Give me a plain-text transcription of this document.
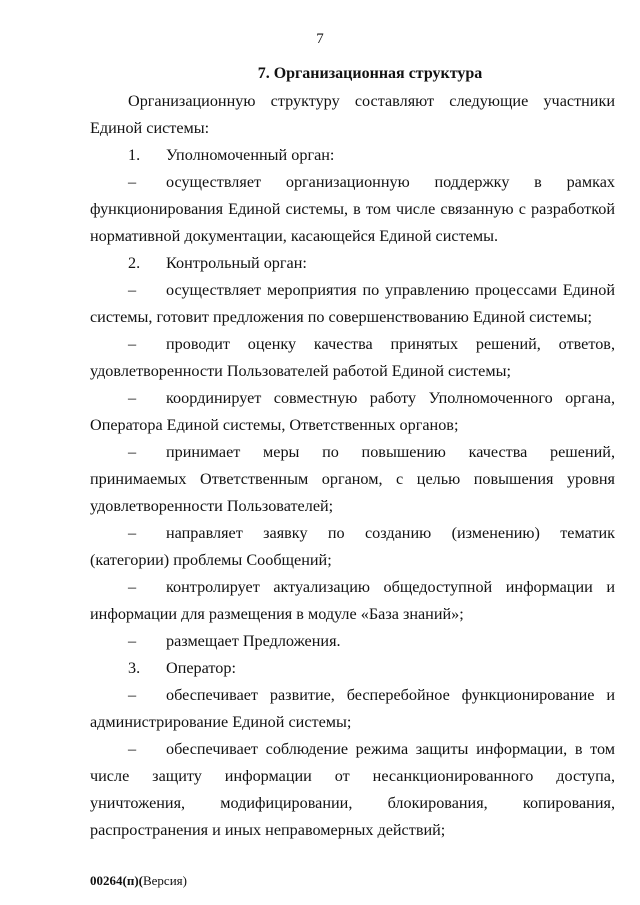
7
7. Организационная структура

Организационную структуру составляют следующие участники Единой системы:

1. Уполномоченный орган:

– осуществляет организационную поддержку в рамках функционирования Единой системы, в том числе связанную с разработкой нормативной документации, касающейся Единой системы.

2. Контрольный орган:

– осуществляет мероприятия по управлению процессами Единой системы, готовит предложения по совершенствованию Единой системы;

– проводит оценку качества принятых решений, ответов, удовлетворенности Пользователей работой Единой системы;

– координирует совместную работу Уполномоченного органа, Оператора Единой системы, Ответственных органов;

– принимает меры по повышению качества решений, принимаемых Ответственным органом, с целью повышения уровня удовлетворенности Пользователей;

– направляет заявку по созданию (изменению) тематик (категории) проблемы Сообщений;

– контролирует актуализацию общедоступной информации и информации для размещения в модуле «База знаний»;

– размещает Предложения.

3. Оператор:

– обеспечивает развитие, бесперебойное функционирование и администрирование Единой системы;

– обеспечивает соблюдение режима защиты информации, в том числе защиту информации от несанкционированного доступа, уничтожения, модифицировании, блокирования, копирования, распространения и иных неправомерных действий;

00264(п)(Версия)
